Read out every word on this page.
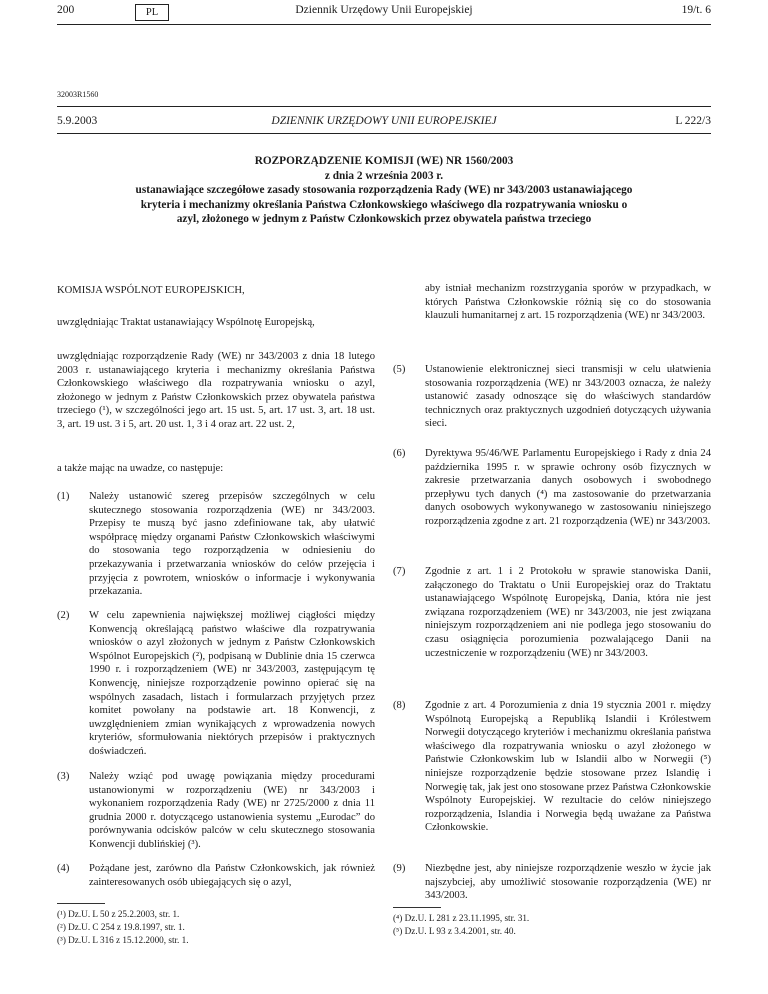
200	PL	Dziennik Urzędowy Unii Europejskiej	19/t. 6
32003R1560
5.9.2003	DZIENNIK URZĘDOWY UNII EUROPEJSKIEJ	L 222/3
ROZPORZĄDZENIE KOMISJI (WE) NR 1560/2003
z dnia 2 września 2003 r.
ustanawiające szczegółowe zasady stosowania rozporządzenia Rady (WE) nr 343/2003 ustanawiającego
kryteria i mechanizmy określania Państwa Członkowskiego właściwego dla rozpatrywania wniosku o
azyl, złożonego w jednym z Państw Członkowskich przez obywatela państwa trzeciego
KOMISJA WSPÓLNOT EUROPEJSKICH,
uwzględniając Traktat ustanawiający Wspólnotę Europejską,
uwzględniając rozporządzenie Rady (WE) nr 343/2003 z dnia 18 lutego 2003 r. ustanawiającego kryteria i mechanizmy określania Państwa Członkowskiego właściwego dla rozpatrywania wniosku o azyl, złożonego w jednym z Państw Członkowskich przez obywatela państwa trzeciego (¹), w szczególności jego art. 15 ust. 5, art. 17 ust. 3, art. 18 ust. 3, art. 19 ust. 3 i 5, art. 20 ust. 1, 3 i 4 oraz art. 22 ust. 2,
a także mając na uwadze, co następuje:
(1) Należy ustanowić szereg przepisów szczególnych w celu skutecznego stosowania rozporządzenia (WE) nr 343/2003. Przepisy te muszą być jasno zdefiniowane tak, aby ułatwić współpracę między organami Państw Członkowskich właściwymi do stosowania tego rozporządzenia w odniesieniu do przekazywania i przetwarzania wniosków do celów przejęcia i przyjęcia z powrotem, wniosków o informacje i wykonywania przekazania.
(2) W celu zapewnienia największej możliwej ciągłości między Konwencją określającą państwo właściwe dla rozpatrywania wniosków o azyl złożonych w jednym z Państw Członkowskich Wspólnot Europejskich (²), podpisaną w Dublinie dnia 15 czerwca 1990 r. i rozporządzeniem (WE) nr 343/2003, zastępującym tę Konwencję, niniejsze rozporządzenie powinno opierać się na wspólnych zasadach, listach i formularzach przyjętych przez komitet powołany na podstawie art. 18 Konwencji, z uwzględnieniem zmian wynikających z wprowadzenia nowych kryteriów, sformułowania niektórych przepisów i praktycznych doświadczeń.
(3) Należy wziąć pod uwagę powiązania między procedurami ustanowionymi w rozporządzeniu (WE) nr 343/2003 i wykonaniem rozporządzenia Rady (WE) nr 2725/2000 z dnia 11 grudnia 2000 r. dotyczącego ustanowienia systemu „Eurodac” do porównywania odcisków palców w celu skutecznego stosowania Konwencji dublińskiej (³).
(4) Pożądane jest, zarówno dla Państw Członkowskich, jak również zainteresowanych osób ubiegających się o azyl,
(¹) Dz.U. L 50 z 25.2.2003, str. 1.
(²) Dz.U. C 254 z 19.8.1997, str. 1.
(³) Dz.U. L 316 z 15.12.2000, str. 1.
aby istniał mechanizm rozstrzygania sporów w przypadkach, w których Państwa Członkowskie różnią się co do stosowania klauzuli humanitarnej z art. 15 rozporządzenia (WE) nr 343/2003.
(5) Ustanowienie elektronicznej sieci transmisji w celu ułatwienia stosowania rozporządzenia (WE) nr 343/2003 oznacza, że należy ustanowić zasady odnoszące się do właściwych standardów technicznych oraz praktycznych uzgodnień dotyczących używania sieci.
(6) Dyrektywa 95/46/WE Parlamentu Europejskiego i Rady z dnia 24 października 1995 r. w sprawie ochrony osób fizycznych w zakresie przetwarzania danych osobowych i swobodnego przepływu tych danych (⁴) ma zastosowanie do przetwarzania danych osobowych wykonywanego w zastosowaniu niniejszego rozporządzenia zgodne z art. 21 rozporządzenia (WE) nr 343/2003.
(7) Zgodnie z art. 1 i 2 Protokołu w sprawie stanowiska Danii, załączonego do Traktatu o Unii Europejskiej oraz do Traktatu ustanawiającego Wspólnotę Europejską, Dania, która nie jest związana rozporządzeniem (WE) nr 343/2003, nie jest związana niniejszym rozporządzeniem ani nie podlega jego stosowaniu do czasu osiągnięcia porozumienia pozwalającego Danii na uczestniczenie w rozporządzeniu (WE) nr 343/2003.
(8) Zgodnie z art. 4 Porozumienia z dnia 19 stycznia 2001 r. między Wspólnotą Europejską a Republiką Islandii i Królestwem Norwegii dotyczącego kryteriów i mechanizmu określania państwa właściwego dla rozpatrywania wniosku o azyl złożonego w Państwie Członkowskim lub w Islandii albo w Norwegii (⁵) niniejsze rozporządzenie będzie stosowane przez Islandię i Norwegię tak, jak jest ono stosowane przez Państwa Członkowskie Wspólnoty Europejskiej. W rezultacie do celów niniejszego rozporządzenia, Islandia i Norwegia będą uważane za Państwa Członkowskie.
(9) Niezbędne jest, aby niniejsze rozporządzenie weszło w życie jak najszybciej, aby umożliwić stosowanie rozporządzenia (WE) nr 343/2003.
(⁴) Dz.U. L 281 z 23.11.1995, str. 31.
(⁵) Dz.U. L 93 z 3.4.2001, str. 40.
